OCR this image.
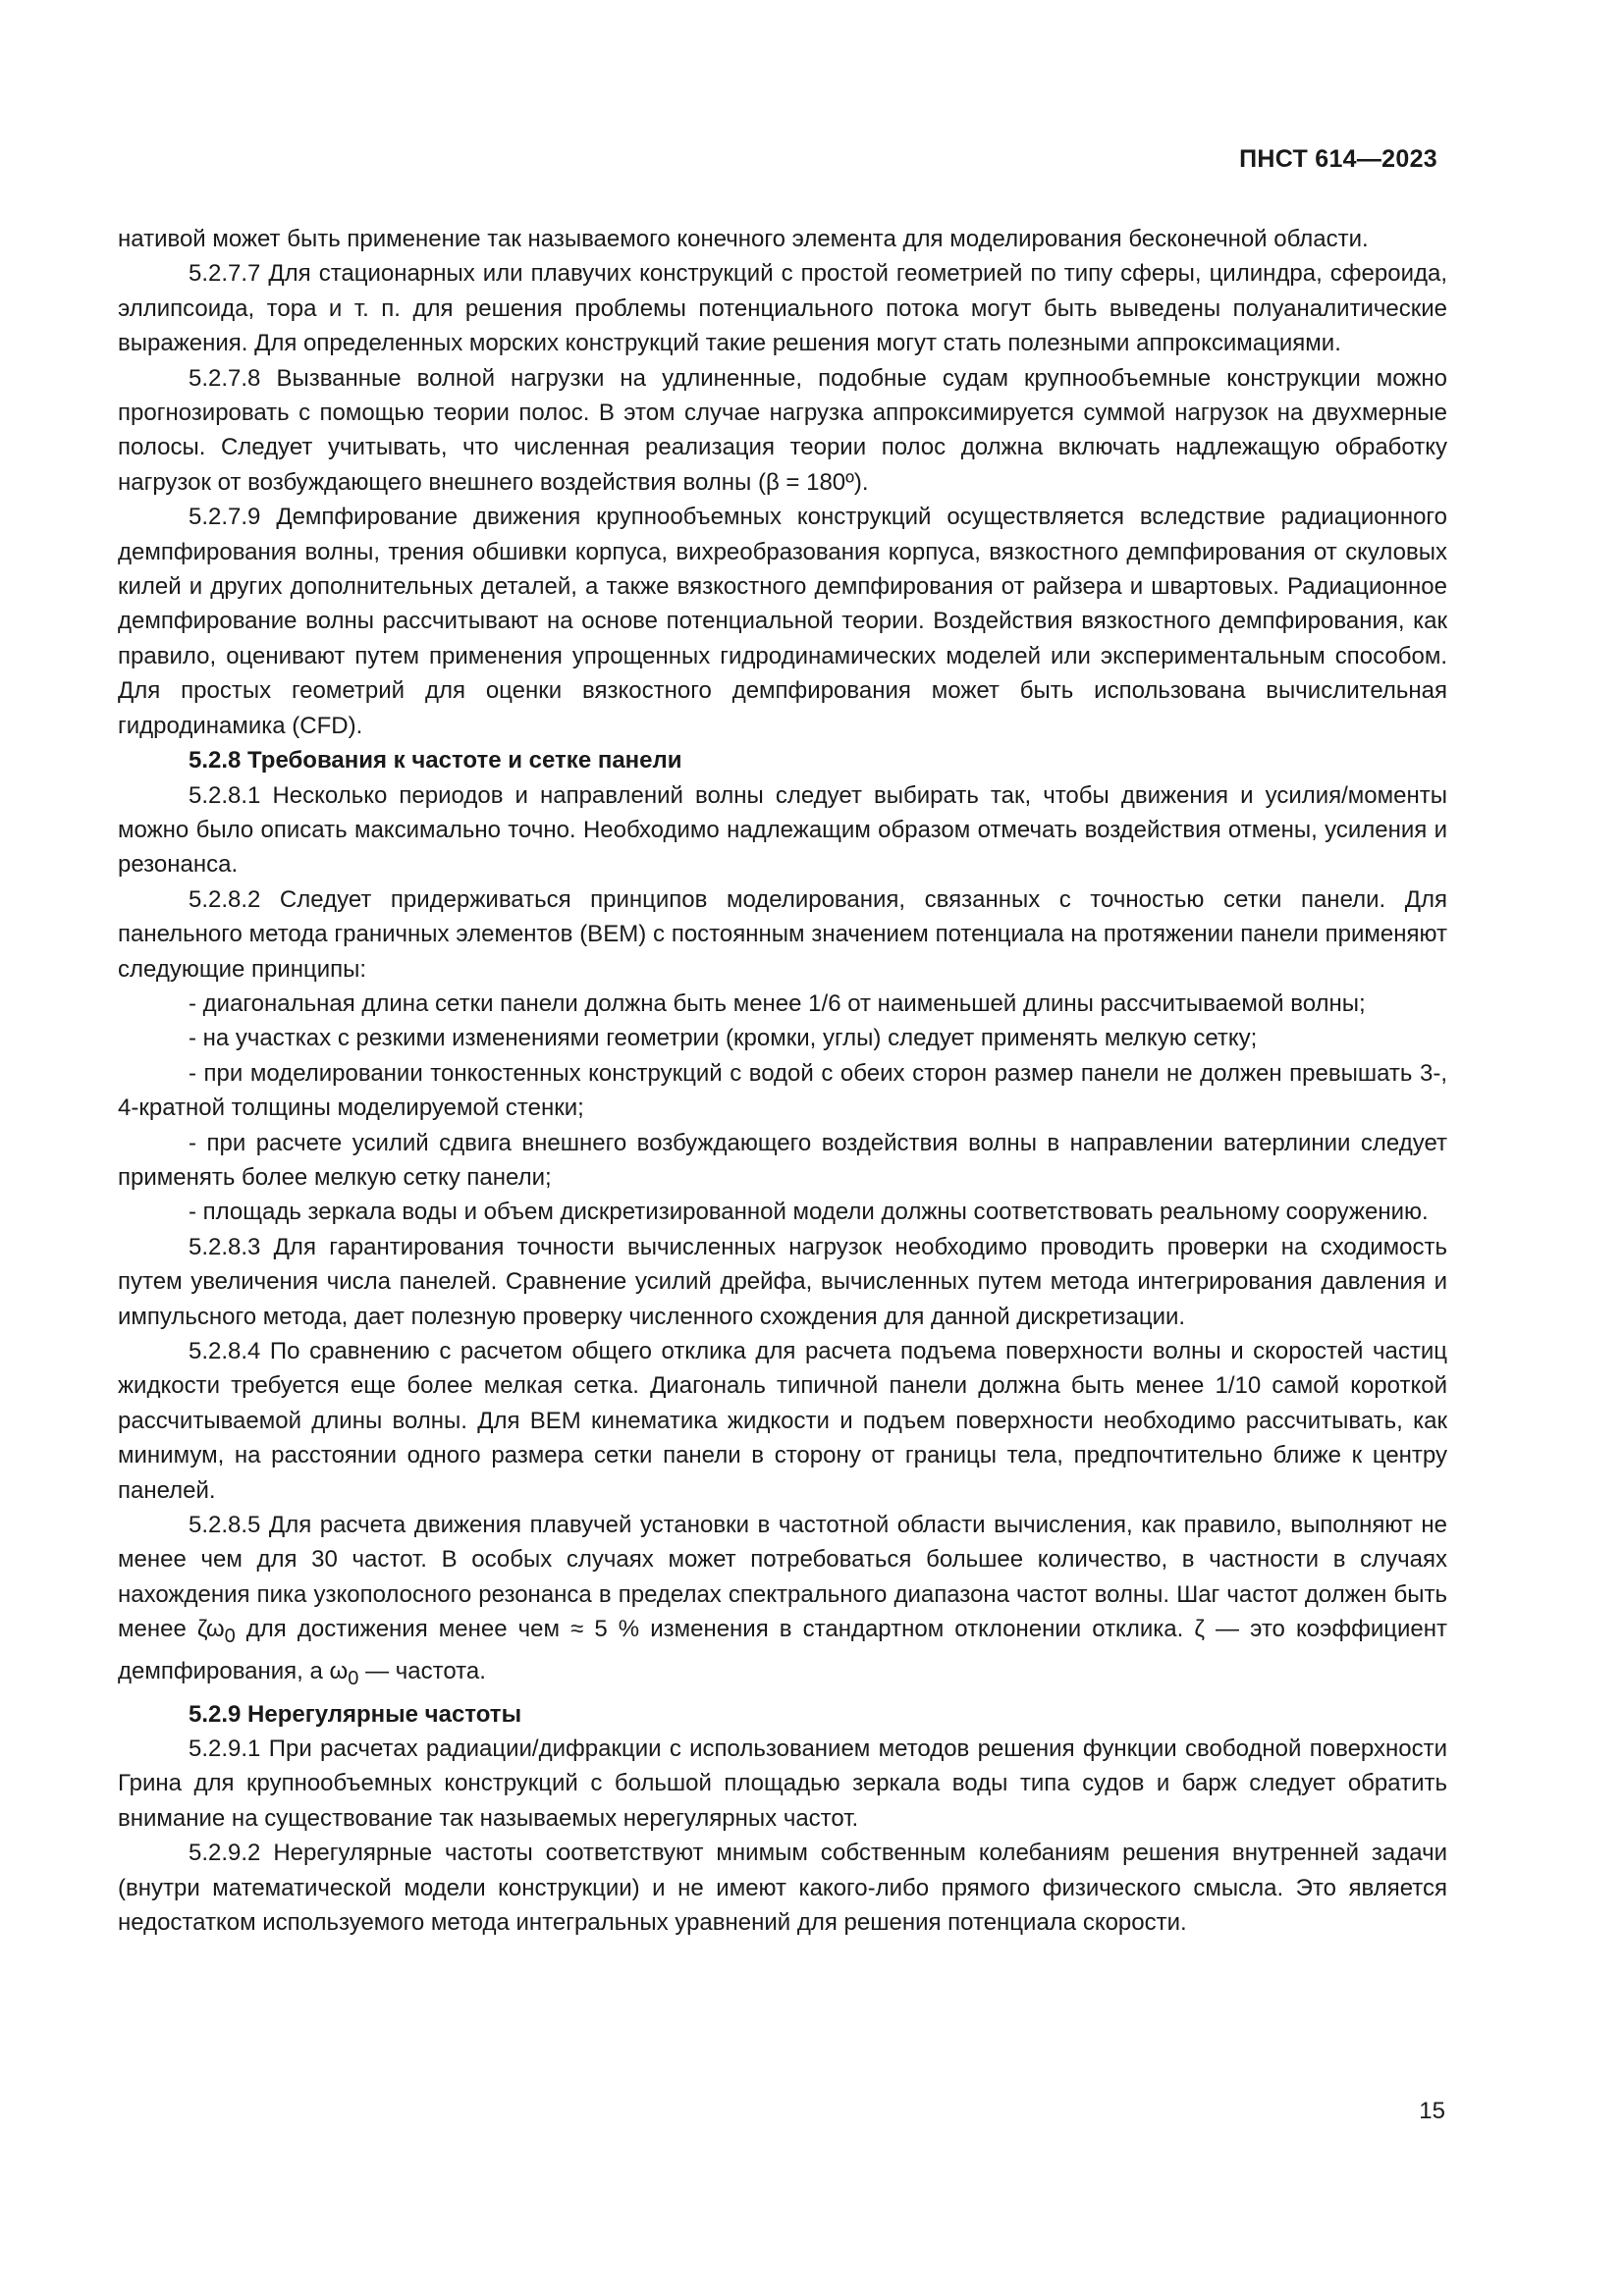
ПНСТ 614—2023

нативой может быть применение так называемого конечного элемента для моделирования бесконечной области.

5.2.7.7 Для стационарных или плавучих конструкций с простой геометрией по типу сферы, цилиндра, сфероида, эллипсоида, тора и т. п. для решения проблемы потенциального потока могут быть выведены полуаналитические выражения. Для определенных морских конструкций такие решения могут стать полезными аппроксимациями.

5.2.7.8 Вызванные волной нагрузки на удлиненные, подобные судам крупнообъемные конструкции можно прогнозировать с помощью теории полос. В этом случае нагрузка аппроксимируется суммой нагрузок на двухмерные полосы. Следует учитывать, что численная реализация теории полос должна включать надлежащую обработку нагрузок от возбуждающего внешнего воздействия волны (β = 180º).

5.2.7.9 Демпфирование движения крупнообъемных конструкций осуществляется вследствие радиационного демпфирования волны, трения обшивки корпуса, вихреобразования корпуса, вязкостного демпфирования от скуловых килей и других дополнительных деталей, а также вязкостного демпфирования от райзера и швартовых. Радиационное демпфирование волны рассчитывают на основе потенциальной теории. Воздействия вязкостного демпфирования, как правило, оценивают путем применения упрощенных гидродинамических моделей или экспериментальным способом. Для простых геометрий для оценки вязкостного демпфирования может быть использована вычислительная гидродинамика (CFD).

5.2.8 Требования к частоте и сетке панели

5.2.8.1 Несколько периодов и направлений волны следует выбирать так, чтобы движения и усилия/моменты можно было описать максимально точно. Необходимо надлежащим образом отмечать воздействия отмены, усиления и резонанса.

5.2.8.2 Следует придерживаться принципов моделирования, связанных с точностью сетки панели. Для панельного метода граничных элементов (BEM) с постоянным значением потенциала на протяжении панели применяют следующие принципы:

- диагональная длина сетки панели должна быть менее 1/6 от наименьшей длины рассчитываемой волны;

- на участках с резкими изменениями геометрии (кромки, углы) следует применять мелкую сетку;

- при моделировании тонкостенных конструкций с водой с обеих сторон размер панели не должен превышать 3-, 4-кратной толщины моделируемой стенки;

- при расчете усилий сдвига внешнего возбуждающего воздействия волны в направлении ватерлинии следует применять более мелкую сетку панели;

- площадь зеркала воды и объем дискретизированной модели должны соответствовать реальному сооружению.

5.2.8.3 Для гарантирования точности вычисленных нагрузок необходимо проводить проверки на сходимость путем увеличения числа панелей. Сравнение усилий дрейфа, вычисленных путем метода интегрирования давления и импульсного метода, дает полезную проверку численного схождения для данной дискретизации.

5.2.8.4 По сравнению с расчетом общего отклика для расчета подъема поверхности волны и скоростей частиц жидкости требуется еще более мелкая сетка. Диагональ типичной панели должна быть менее 1/10 самой короткой рассчитываемой длины волны. Для BEM кинематика жидкости и подъем поверхности необходимо рассчитывать, как минимум, на расстоянии одного размера сетки панели в сторону от границы тела, предпочтительно ближе к центру панелей.

5.2.8.5 Для расчета движения плавучей установки в частотной области вычисления, как правило, выполняют не менее чем для 30 частот. В особых случаях может потребоваться большее количество, в частности в случаях нахождения пика узкополосного резонанса в пределах спектрального диапазона частот волны. Шаг частот должен быть менее $\zeta\omega_0$ для достижения менее чем ≈ 5 % изменения в стандартном отклонении отклика. ζ — это коэффициент демпфирования, а $\omega_0$ — частота.

5.2.9 Нерегулярные частоты

5.2.9.1 При расчетах радиации/дифракции с использованием методов решения функции свободной поверхности Грина для крупнообъемных конструкций с большой площадью зеркала воды типа судов и барж следует обратить внимание на существование так называемых нерегулярных частот.

5.2.9.2 Нерегулярные частоты соответствуют мнимым собственным колебаниям решения внутренней задачи (внутри математической модели конструкции) и не имеют какого-либо прямого физического смысла. Это является недостатком используемого метода интегральных уравнений для решения потенциала скорости.

15
